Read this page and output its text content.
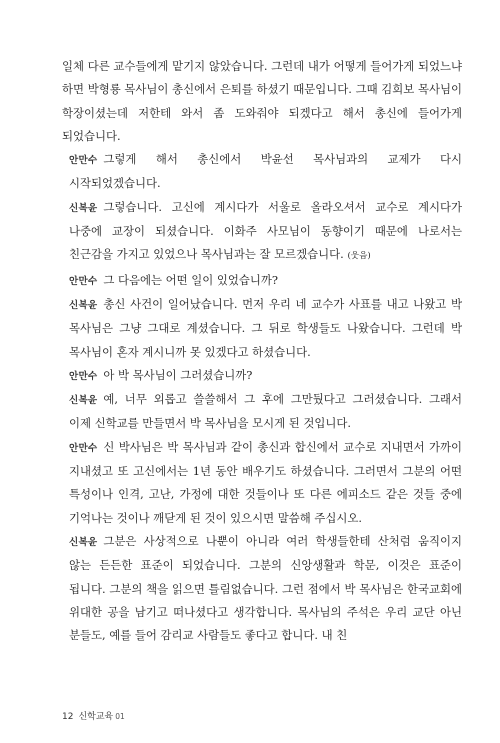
일체 다른 교수들에게 맡기지 않았습니다. 그런데 내가 어떻게 들어가게 되었느냐 하면 박형룡 목사님이 총신에서 은퇴를 하셨기 때문입니다. 그때 김희보 목사님이 학장이셨는데 저한테 와서 좀 도와줘야 되겠다고 해서 총신에 들어가게 되었습니다.

안만수 그렇게 해서 총신에서 박윤선 목사님과의 교제가 다시 시작되었겠습니다.

신복윤 그렇습니다. 고신에 계시다가 서울로 올라오셔서 교수로 계시다가 나중에 교장이 되셨습니다. 이화주 사모님이 동향이기 때문에 나로서는 친근감을 가지고 있었으나 목사님과는 잘 모르겠습니다. (웃음)

안만수 그 다음에는 어떤 일이 있었습니까?

신복윤 총신 사건이 일어났습니다. 먼저 우리 네 교수가 사표를 내고 나왔고 박 목사님은 그냥 그대로 계셨습니다. 그 뒤로 학생들도 나왔습니다. 그런데 박 목사님이 혼자 계시니까 못 있겠다고 하셨습니다.

안만수 아 박 목사님이 그러셨습니까?

신복윤 예, 너무 외롭고 쓸쓸해서 그 후에 그만뒀다고 그러셨습니다. 그래서 이제 신학교를 만들면서 박 목사님을 모시게 된 것입니다.

안만수 신 박사님은 박 목사님과 같이 총신과 합신에서 교수로 지내면서 가까이 지내셨고 또 고신에서는 1년 동안 배우기도 하셨습니다. 그러면서 그분의 어떤 특성이나 인격, 고난, 가정에 대한 것들이나 또 다른 에피소드 같은 것들 중에 기억나는 것이나 깨닫게 된 것이 있으시면 말씀해 주십시오.

신복윤 그분은 사상적으로 나뿐이 아니라 여러 학생들한테 산처럼 움직이지 않는 든든한 표준이 되었습니다. 그분의 신앙생활과 학문, 이것은 표준이 됩니다. 그분의 책을 읽으면 틀림없습니다. 그런 점에서 박 목사님은 한국교회에 위대한 공을 남기고 떠나셨다고 생각합니다. 목사님의 주석은 우리 교단 아닌 분들도, 예를 들어 감리교 사람들도 좋다고 합니다. 내 친

12 신학교육 01
